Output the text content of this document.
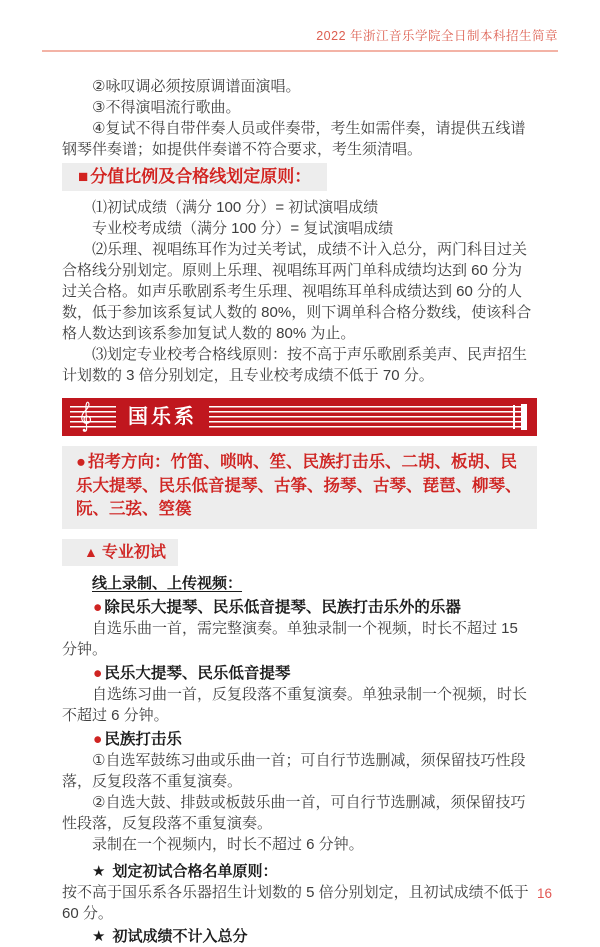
2022 年浙江音乐学院全日制本科招生简章

②咏叹调必须按原调谱面演唱。

③不得演唱流行歌曲。

④复试不得自带伴奏人员或伴奏带，考生如需伴奏，请提供五线谱钢琴伴奏谱；如提供伴奏谱不符合要求，考生须清唱。

■ 分值比例及合格线划定原则：

⑴初试成绩（满分 100 分）= 初试演唱成绩

专业校考成绩（满分 100 分）= 复试演唱成绩

⑵乐理、视唱练耳作为过关考试，成绩不计入总分，两门科目过关合格线分别划定。原则上乐理、视唱练耳两门单科成绩均达到 60 分为过关合格。如声乐歌剧系考生乐理、视唱练耳单科成绩达到 60 分的人数，低于参加该系复试人数的 80%，则下调单科合格分数线，使该科合格人数达到该系参加复试人数的 80% 为止。

⑶划定专业校考合格线原则：按不高于声乐歌剧系美声、民声招生计划数的 3 倍分别划定，且专业校考成绩不低于 70 分。

国乐系
● 招考方向：竹笛、唢呐、笙、民族打击乐、二胡、板胡、民乐大提琴、民乐低音提琴、古筝、扬琴、古琴、琵琶、柳琴、阮、三弦、箜篌
▲ 专业初试

线上录制、上传视频：

● 除民乐大提琴、民乐低音提琴、民族打击乐外的乐器

自选乐曲一首，需完整演奏。单独录制一个视频，时长不超过 15 分钟。

● 民乐大提琴、民乐低音提琴

自选练习曲一首，反复段落不重复演奏。单独录制一个视频，时长不超过 6 分钟。

● 民族打击乐

①自选军鼓练习曲或乐曲一首；可自行节选删减，须保留技巧性段落，反复段落不重复演奏。

②自选大鼓、排鼓或板鼓乐曲一首，可自行节选删减，须保留技巧性段落，反复段落不重复演奏。

录制在一个视频内，时长不超过 6 分钟。

★ 划定初试合格名单原则：

按不高于国乐系各乐器招生计划数的 5 倍分别划定，且初试成绩不低于 60 分。

★ 初试成绩不计入总分

16
